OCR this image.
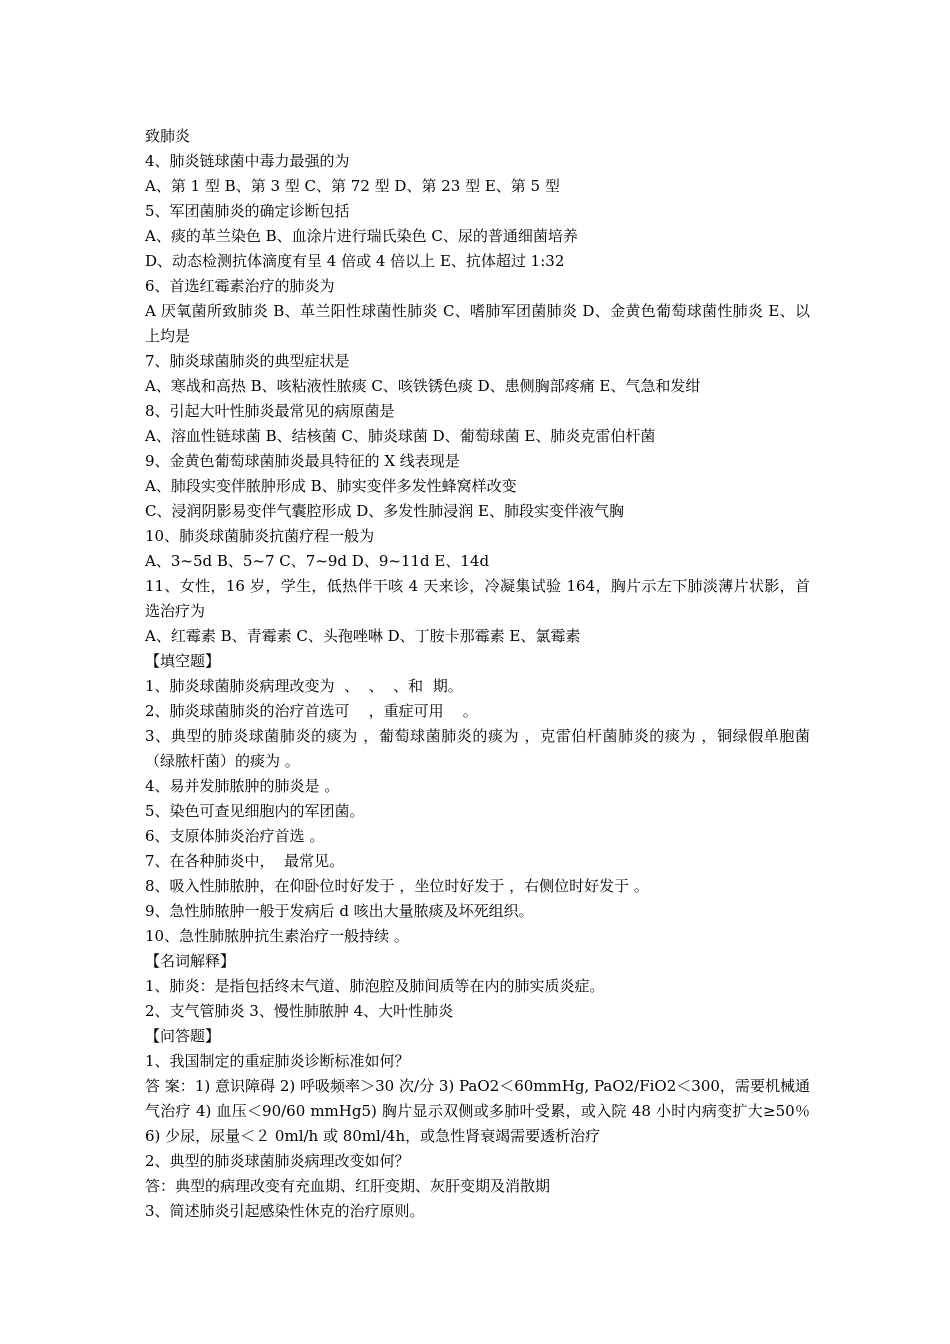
致肺炎
4、肺炎链球菌中毒力最强的为
A、第 1 型 B、第 3 型 C、第 72 型 D、第 23 型 E、第 5 型
5、军团菌肺炎的确定诊断包括
A、痰的革兰染色 B、血涂片进行瑞氏染色 C、尿的普通细菌培养
D、动态检测抗体滴度有呈 4 倍或 4 倍以上 E、抗体超过 1:32
6、首选红霉素治疗的肺炎为
A 厌氧菌所致肺炎 B、革兰阳性球菌性肺炎 C、嗜肺军团菌肺炎 D、金黄色葡萄球菌性肺炎 E、以上均是
7、肺炎球菌肺炎的典型症状是
A、寒战和高热 B、咳粘液性脓痰 C、咳铁锈色痰 D、患侧胸部疼痛 E、气急和发绀
8、引起大叶性肺炎最常见的病原菌是
A、溶血性链球菌 B、结核菌 C、肺炎球菌 D、葡萄球菌 E、肺炎克雷伯杆菌
9、金黄色葡萄球菌肺炎最具特征的 X 线表现是
A、肺段实变伴脓肿形成 B、肺实变伴多发性蜂窝样改变
C、浸润阴影易变伴气囊腔形成 D、多发性肺浸润 E、肺段实变伴液气胸
10、肺炎球菌肺炎抗菌疗程一般为
A、3~5d B、5~7 C、7~9d D、9~11d E、14d
11、女性，16 岁，学生，低热伴干咳 4 天来诊，冷凝集试验 164，胸片示左下肺淡薄片状影，首选治疗为
A、红霉素 B、青霉素 C、头孢唑啉 D、丁胺卡那霉素 E、氯霉素
【填空题】
1、肺炎球菌肺炎病理改变为  、  、  、和  期。
2、肺炎球菌肺炎的治疗首选可    ，重症可用    。
3、典型的肺炎球菌肺炎的痰为 ，葡萄球菌肺炎的痰为 ，克雷伯杆菌肺炎的痰为 ，铜绿假单胞菌（绿脓杆菌）的痰为 。
4、易并发肺脓肿的肺炎是 。
5、染色可查见细胞内的军团菌。
6、支原体肺炎治疗首选 。
7、在各种肺炎中，  最常见。
8、吸入性肺脓肿，在仰卧位时好发于 ，坐位时好发于 ，右侧位时好发于 。
9、急性肺脓肿一般于发病后 d 咳出大量脓痰及坏死组织。
10、急性肺脓肿抗生素治疗一般持续 。
【名词解释】
1、肺炎：是指包括终末气道、肺泡腔及肺间质等在内的肺实质炎症。
2、支气管肺炎 3、慢性肺脓肿 4、大叶性肺炎
【问答题】
1、我国制定的重症肺炎诊断标准如何？
答 案：1) 意识障碍 2) 呼吸频率＞30 次/分 3) PaO2＜60mmHg, PaO2/FiO2＜300，需要机械通气治疗 4) 血压＜90/60 mmHg5) 胸片显示双侧或多肺叶受累，或入院 48 小时内病变扩大≥50％6) 少尿，尿量＜２ 0ml/h 或 80ml/4h，或急性肾衰竭需要透析治疗
2、典型的肺炎球菌肺炎病理改变如何？
答：典型的病理改变有充血期、红肝变期、灰肝变期及消散期
3、简述肺炎引起感染性休克的治疗原则。
